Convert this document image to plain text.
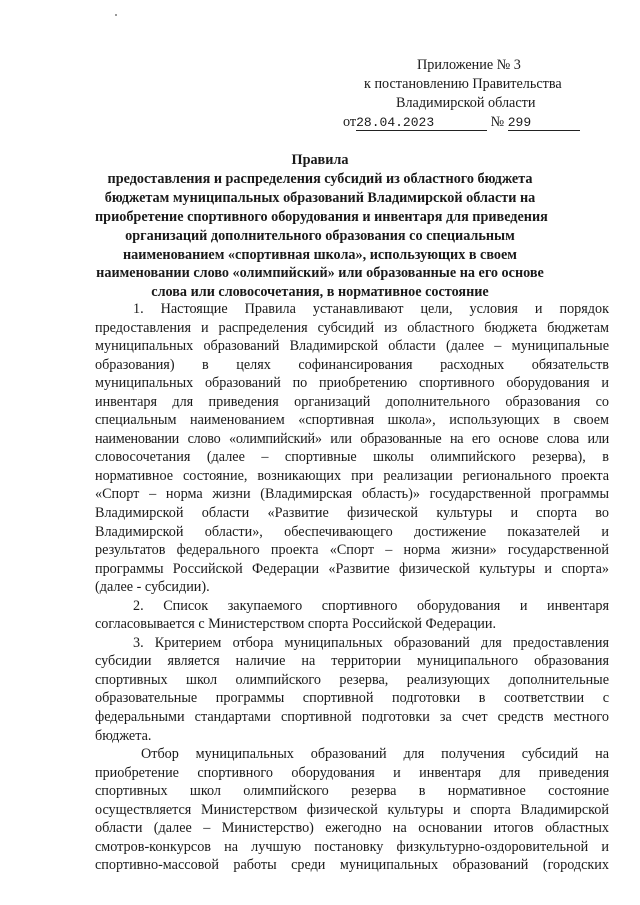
Приложение № 3
к постановлению Правительства
Владимирской области
от28.04.2023	№ 299
Правила
предоставления и распределения субсидий из областного бюджета
бюджетам муниципальных образований Владимирской области на
приобретение спортивного оборудования и инвентаря для приведения
организаций дополнительного образования со специальным
наименованием «спортивная школа», использующих в своем
наименовании слово «олимпийский» или образованные на его основе
слова или словосочетания, в нормативное состояние
1. Настоящие Правила устанавливают цели, условия и порядок
предоставления и распределения субсидий из областного бюджета бюджетам
муниципальных образований Владимирской области (далее – муниципальные
образования) в целях софинансирования расходных обязательств
муниципальных образований по приобретению спортивного оборудования и
инвентаря для приведения организаций дополнительного образования со
специальным наименованием «спортивная школа», использующих в своем
наименовании слово «олимпийский» или образованные на его основе слова или
словосочетания (далее – спортивные школы олимпийского резерва), в
нормативное состояние, возникающих при реализации регионального проекта
«Спорт – норма жизни (Владимирская область)» государственной программы
Владимирской области «Развитие физической культуры и спорта во
Владимирской области», обеспечивающего достижение показателей и
результатов федерального проекта «Спорт – норма жизни» государственной
программы Российской Федерации «Развитие физической культуры и спорта»
(далее - субсидии).
2. Список закупаемого спортивного оборудования и инвентаря
согласовывается с Министерством спорта Российской Федерации.
3. Критерием отбора муниципальных образований для предоставления
субсидии является наличие на территории муниципального образования
спортивных школ олимпийского резерва, реализующих дополнительные
образовательные программы спортивной подготовки в соответствии с
федеральными стандартами спортивной подготовки за счет средств местного
бюджета.
Отбор муниципальных образований для получения субсидий на
приобретение спортивного оборудования и инвентаря для приведения
спортивных школ олимпийского резерва в нормативное состояние
осуществляется Министерством физической культуры и спорта Владимирской
области (далее – Министерство) ежегодно на основании итогов областных
смотров-конкурсов на лучшую постановку физкультурно-оздоровительной и
спортивно-массовой работы среди муниципальных образований (городских
